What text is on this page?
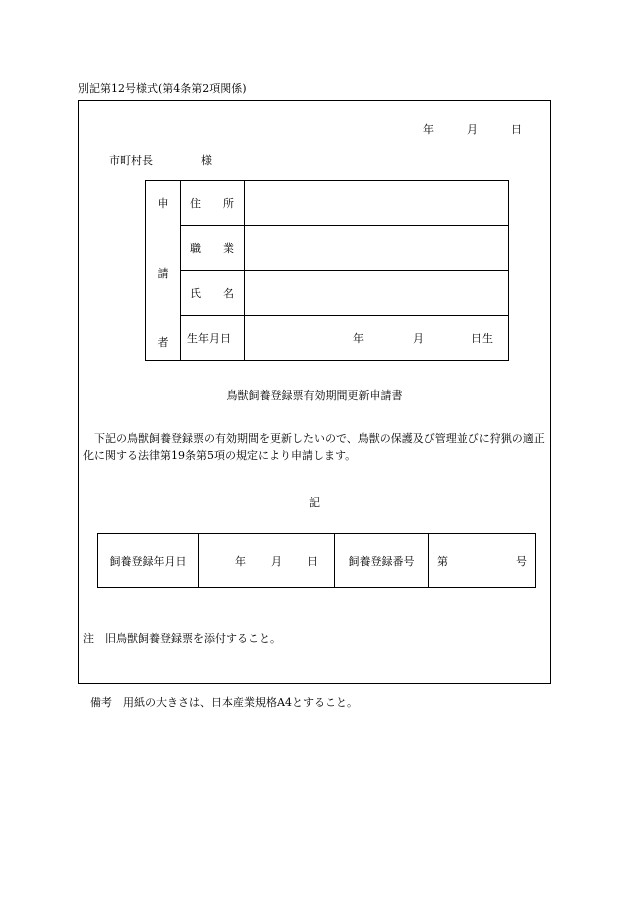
別記第12号様式(第4条第2項関係)
年	月	日
市町村長	様
申
請
者	住 所	

	職 業	

	氏 名	

	生年月日	年 月 日生
鳥獣飼養登録票有効期間更新申請書
下記の鳥獣飼養登録票の有効期間を更新したいので、鳥獣の保護及び管理並びに狩猟の適正化に関する法律第19条第5項の規定により申請します。
記
飼養登録年月日	年 月 日	飼養登録番号	第	号
注　旧鳥獣飼養登録票を添付すること。
備考　用紙の大きさは、日本産業規格A4とすること。
